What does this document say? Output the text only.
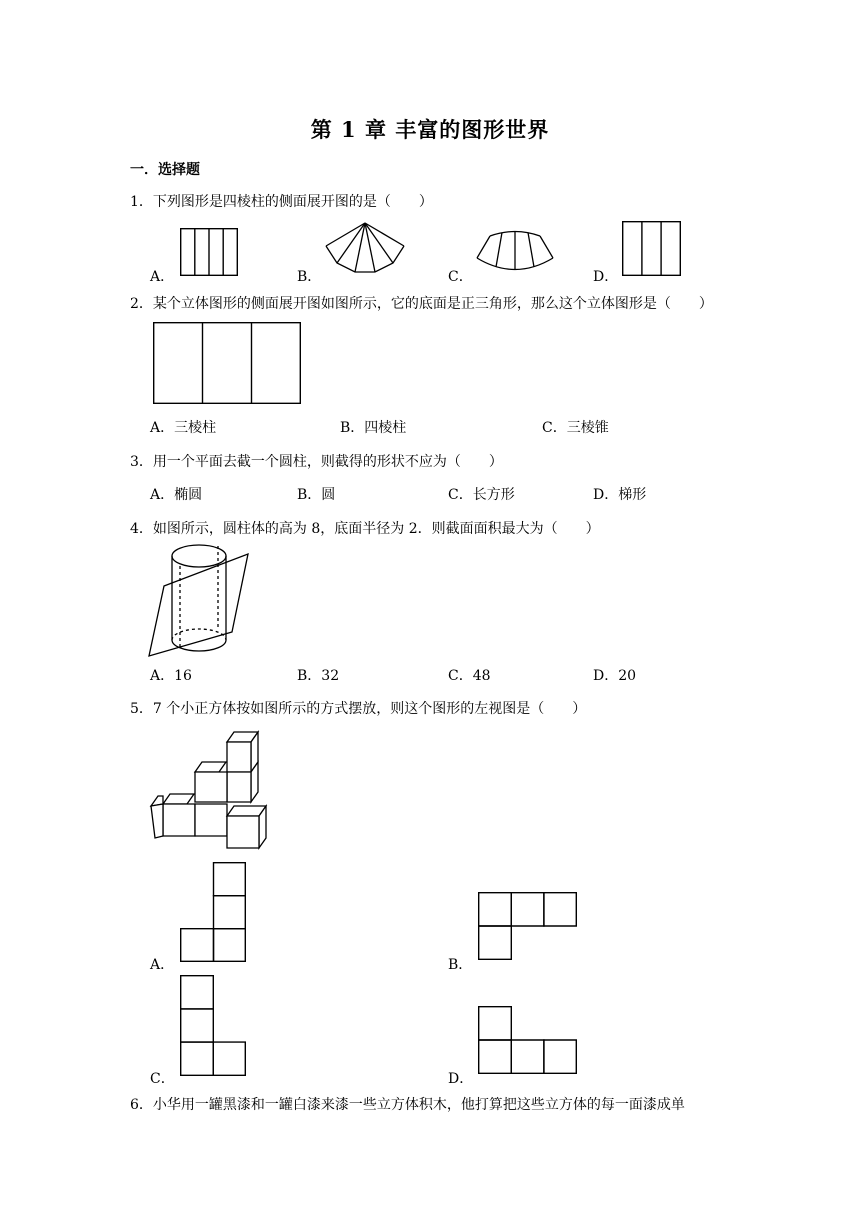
第 1 章 丰富的图形世界
一．选择题
1．下列图形是四棱柱的侧面展开图的是（　　）
A．	B．	C．	D．
2．某个立体图形的侧面展开图如图所示，它的底面是正三角形，那么这个立体图形是（　　）
A．三棱柱	B．四棱柱	C．三棱锥
3．用一个平面去截一个圆柱，则截得的形状不应为（　　）
A．椭圆	B．圆	C．长方形	D．梯形
4．如图所示，圆柱体的高为 8，底面半径为 2．则截面面积最大为（　　）
A．16	B．32	C．48	D．20
5．7 个小正方体按如图所示的方式摆放，则这个图形的左视图是（　　）
A．	B．
C．	D．
6．小华用一罐黑漆和一罐白漆来漆一些立方体积木，他打算把这些立方体的每一面漆成单
